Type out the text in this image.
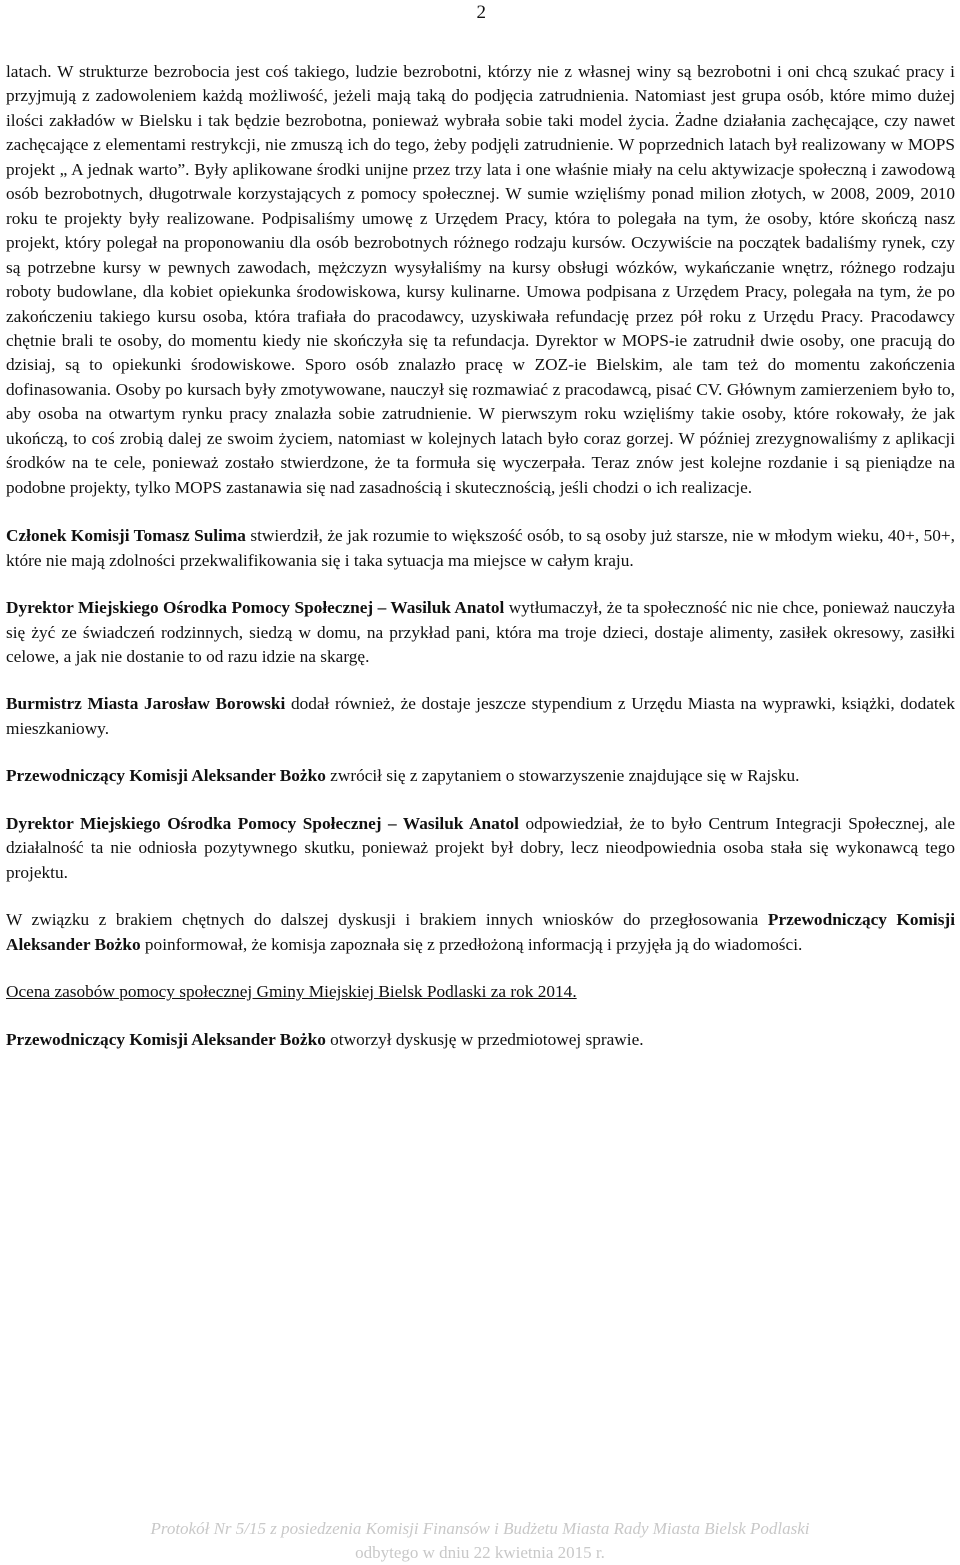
2

latach. W strukturze bezrobocia jest coś takiego, ludzie bezrobotni, którzy nie z własnej winy są bezrobotni i oni chcą szukać pracy i przyjmują z zadowoleniem każdą możliwość, jeżeli mają taką do podjęcia zatrudnienia. Natomiast jest grupa osób, które mimo dużej ilości zakładów w Bielsku i tak będzie bezrobotna, ponieważ wybrała sobie taki model życia. Żadne działania zachęcające, czy nawet zachęcające z elementami restrykcji, nie zmuszą ich do tego, żeby podjęli zatrudnienie. W poprzednich latach był realizowany w MOPS projekt „ A jednak warto”. Były aplikowane środki unijne przez trzy lata i one właśnie miały na celu aktywizacje społeczną i zawodową osób bezrobotnych, długotrwale korzystających z pomocy społecznej. W sumie wzięliśmy ponad milion złotych, w 2008, 2009, 2010 roku te projekty były realizowane. Podpisaliśmy umowę z Urzędem Pracy, która to polegała na tym, że osoby, które skończą nasz projekt, który polegał na proponowaniu dla osób bezrobotnych różnego rodzaju kursów. Oczywiście na początek badaliśmy rynek, czy są potrzebne kursy w pewnych zawodach, mężczyzn wysyłaliśmy na kursy obsługi wózków, wykańczanie wnętrz, różnego rodzaju roboty budowlane, dla kobiet opiekunka środowiskowa, kursy kulinarne. Umowa podpisana z Urzędem Pracy, polegała na tym, że po zakończeniu takiego kursu osoba, która trafiała do pracodawcy, uzyskiwała refundację przez pół roku z Urzędu Pracy. Pracodawcy chętnie brali te osoby, do momentu kiedy nie skończyła się ta refundacja. Dyrektor w MOPS-ie zatrudnił dwie osoby, one pracują do dzisiaj, są to opiekunki środowiskowe. Sporo osób znalazło pracę w ZOZ-ie Bielskim, ale tam też do momentu zakończenia dofinasowania. Osoby po kursach były zmotywowane, nauczył się rozmawiać z pracodawcą, pisać CV. Głównym zamierzeniem było to, aby osoba na otwartym rynku pracy znalazła sobie zatrudnienie. W pierwszym roku wzięliśmy takie osoby, które rokowały, że jak ukończą, to coś zrobią dalej ze swoim życiem, natomiast w kolejnych latach było coraz gorzej. W później zrezygnowaliśmy z aplikacji środków na te cele, ponieważ zostało stwierdzone, że ta formuła się wyczerpała. Teraz znów jest kolejne rozdanie i są pieniądze na podobne projekty, tylko MOPS zastanawia się nad zasadnością i skutecznością, jeśli chodzi o ich realizacje.

Członek Komisji Tomasz Sulima stwierdził, że jak rozumie to większość osób, to są osoby już starsze, nie w młodym wieku, 40+, 50+, które nie mają zdolności przekwalifikowania się i taka sytuacja ma miejsce w całym kraju.

Dyrektor Miejskiego Ośrodka Pomocy Społecznej – Wasiluk Anatol wytłumaczył, że ta społeczność nic nie chce, ponieważ nauczyła się żyć ze świadczeń rodzinnych, siedzą w domu, na przykład pani, która ma troje dzieci, dostaje alimenty, zasiłek okresowy, zasiłki celowe, a jak nie dostanie to od razu idzie na skargę.

Burmistrz Miasta Jarosław Borowski dodał również, że dostaje jeszcze stypendium z Urzędu Miasta na wyprawki, książki, dodatek mieszkaniowy.

Przewodniczący Komisji Aleksander Bożko zwrócił się z zapytaniem o stowarzyszenie znajdujące się w Rajsku.

Dyrektor Miejskiego Ośrodka Pomocy Społecznej – Wasiluk Anatol odpowiedział, że to było Centrum Integracji Społecznej, ale działalność ta nie odniosła pozytywnego skutku, ponieważ projekt był dobry, lecz nieodpowiednia osoba stała się wykonawcą tego projektu.

W związku z brakiem chętnych do dalszej dyskusji i brakiem innych wniosków do przegłosowania Przewodniczący Komisji Aleksander Bożko poinformował, że komisja zapoznała się z przedłożoną informacją i przyjęła ją do wiadomości.

Ocena zasobów pomocy społecznej Gminy Miejskiej Bielsk Podlaski za rok 2014.

Przewodniczący Komisji Aleksander Bożko otworzył dyskusję w przedmiotowej sprawie.

Protokół Nr 5/15 z posiedzenia Komisji Finansów i Budżetu Miasta Rady Miasta Bielsk Podlaski
odbytego w dniu 22 kwietnia 2015 r.
